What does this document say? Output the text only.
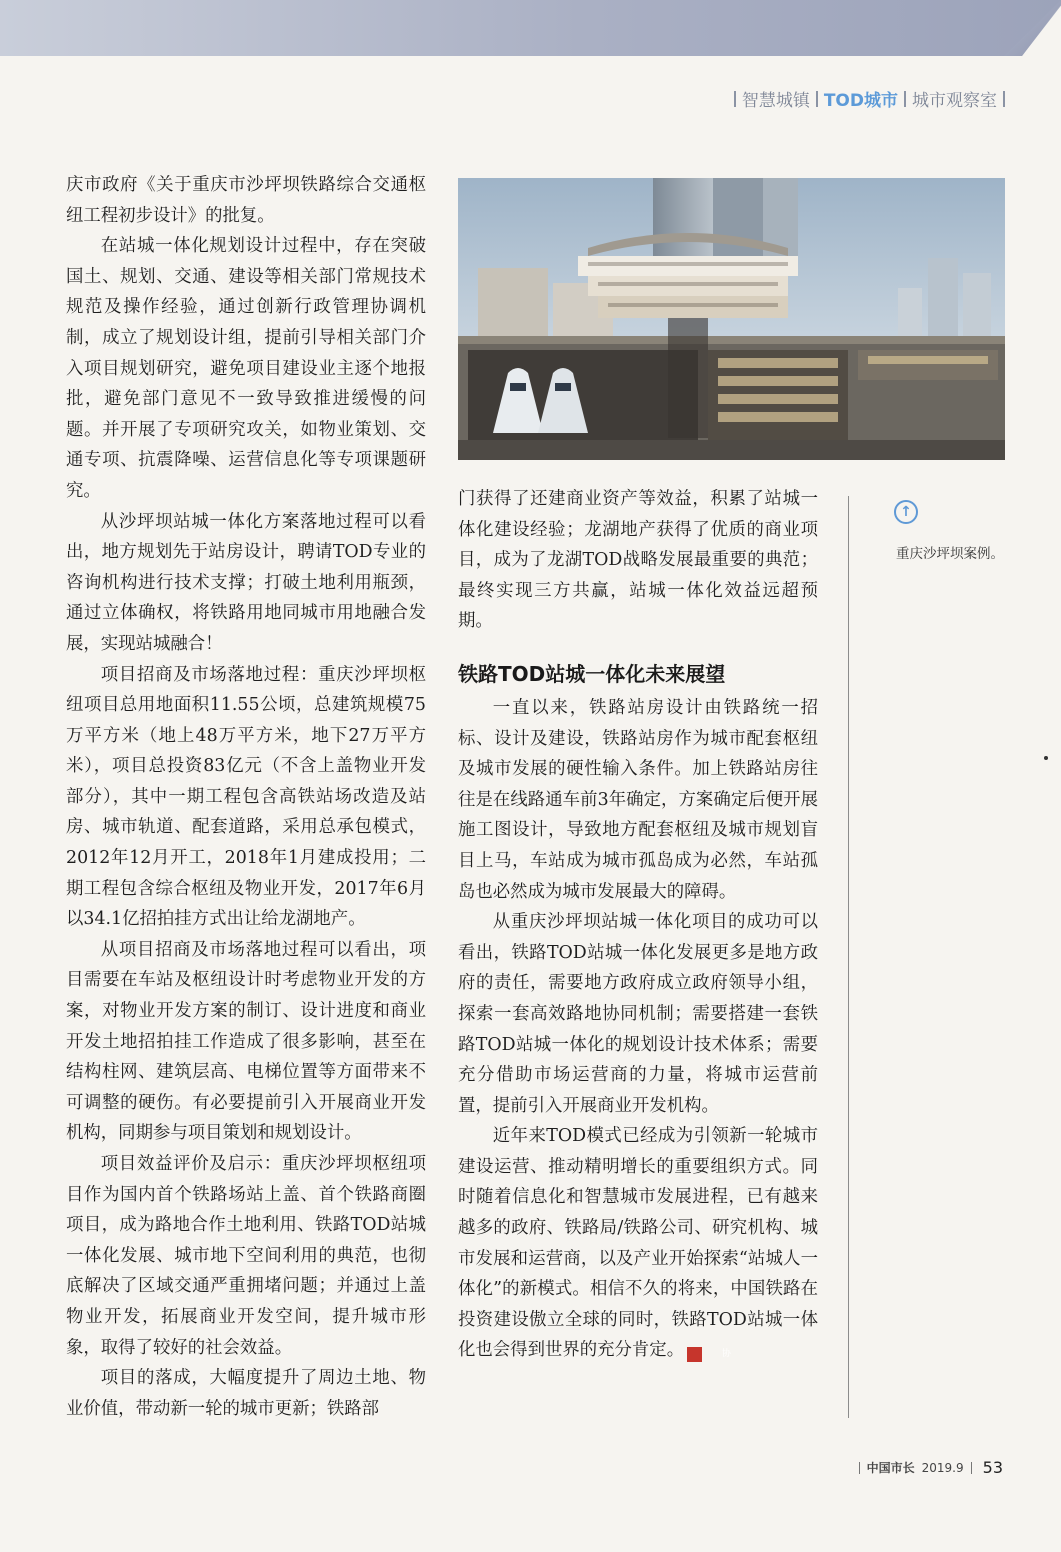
智慧城镇 TOD城市 城市观察室

庆市政府《关于重庆市沙坪坝铁路综合交通枢纽工程初步设计》的批复。

在站城一体化规划设计过程中，存在突破国土、规划、交通、建设等相关部门常规技术规范及操作经验，通过创新行政管理协调机制，成立了规划设计组，提前引导相关部门介入项目规划研究，避免项目建设业主逐个地报批，避免部门意见不一致导致推进缓慢的问题。并开展了专项研究攻关，如物业策划、交通专项、抗震降噪、运营信息化等专项课题研究。

从沙坪坝站城一体化方案落地过程可以看出，地方规划先于站房设计，聘请TOD专业的咨询机构进行技术支撑；打破土地利用瓶颈，通过立体确权，将铁路用地同城市用地融合发展，实现站城融合！

项目招商及市场落地过程：重庆沙坪坝枢纽项目总用地面积11.55公顷，总建筑规模75万平方米（地上48万平方米，地下27万平方米），项目总投资83亿元（不含上盖物业开发部分），其中一期工程包含高铁站场改造及站房、城市轨道、配套道路，采用总承包模式，2012年12月开工，2018年1月建成投用；二期工程包含综合枢纽及物业开发，2017年6月以34.1亿招拍挂方式出让给龙湖地产。

从项目招商及市场落地过程可以看出，项目需要在车站及枢纽设计时考虑物业开发的方案，对物业开发方案的制订、设计进度和商业开发土地招拍挂工作造成了很多影响，甚至在结构柱网、建筑层高、电梯位置等方面带来不可调整的硬伤。有必要提前引入开展商业开发机构，同期参与项目策划和规划设计。

项目效益评价及启示：重庆沙坪坝枢纽项目作为国内首个铁路场站上盖、首个铁路商圈项目，成为路地合作土地利用、铁路TOD站城一体化发展、城市地下空间利用的典范，也彻底解决了区域交通严重拥堵问题；并通过上盖物业开发，拓展商业开发空间，提升城市形象，取得了较好的社会效益。

项目的落成，大幅度提升了周边土地、物业价值，带动新一轮的城市更新；铁路部

门获得了还建商业资产等效益，积累了站城一体化建设经验；龙湖地产获得了优质的商业项目，成为了龙湖TOD战略发展最重要的典范；最终实现三方共赢，站城一体化效益远超预期。

铁路TOD站城一体化未来展望

一直以来，铁路站房设计由铁路统一招标、设计及建设，铁路站房作为城市配套枢纽及城市发展的硬性输入条件。加上铁路站房往往是在线路通车前3年确定，方案确定后便开展施工图设计，导致地方配套枢纽及城市规划盲目上马，车站成为城市孤岛成为必然，车站孤岛也必然成为城市发展最大的障碍。

从重庆沙坪坝站城一体化项目的成功可以看出，铁路TOD站城一体化发展更多是地方政府的责任，需要地方政府成立政府领导小组，探索一套高效路地协同机制；需要搭建一套铁路TOD站城一体化的规划设计技术体系；需要充分借助市场运营商的力量，将城市运营前置，提前引入开展商业开发机构。

近年来TOD模式已经成为引领新一轮城市建设运营、推动精明增长的重要组织方式。同时随着信息化和智慧城市发展进程，已有越来越多的政府、铁路局/铁路公司、研究机构、城市发展和运营商，以及产业开始探索“站城人一体化”的新模式。相信不久的将来，中国铁路在投资建设傲立全球的同时，铁路TOD站城一体化也会得到世界的充分肯定。	协

↑
重庆沙坪坝案例。
中国市长 2019.9 53
